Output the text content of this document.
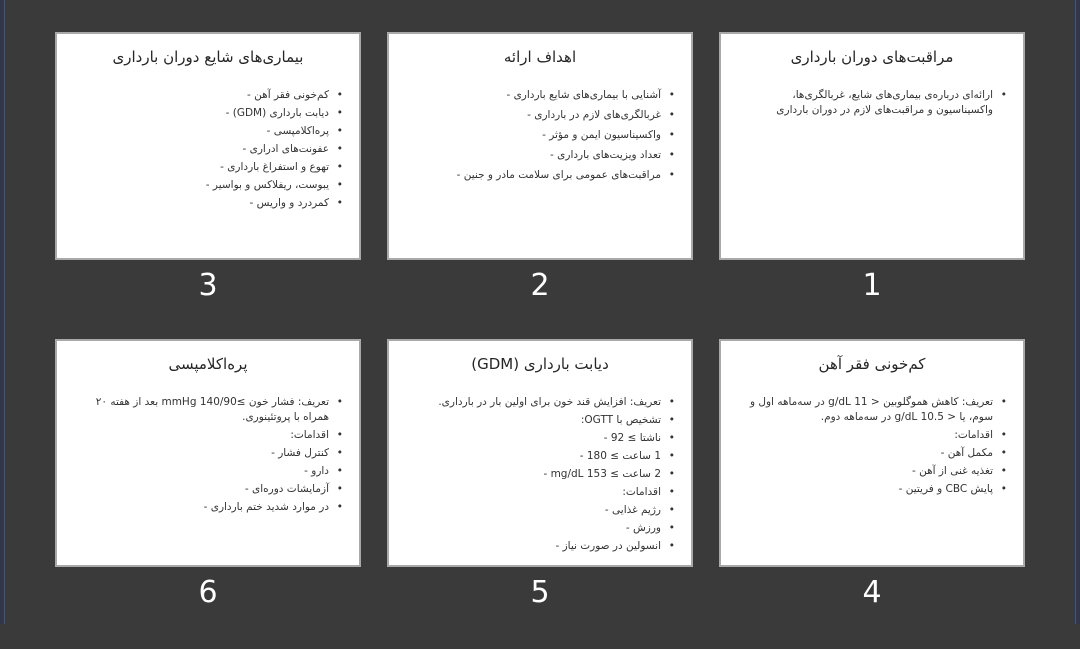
مراقبت‌های دوران بارداری
• ارائه‌ای درباره‌ی بیماری‌های شایع، غربالگری‌ها، واکسیناسیون و مراقبت‌های لازم در دوران بارداری
1
اهداف ارائه
• آشنایی با بیماری‌های شایع بارداری -
• غربالگری‌های لازم در بارداری -
• واکسیناسیون ایمن و مؤثر -
• تعداد ویزیت‌های بارداری -
• مراقبت‌های عمومی برای سلامت مادر و جنین -
2
بیماری‌های شایع دوران بارداری
• کم‌خونی فقر آهن -
• دیابت بارداری (GDM) -
• پره‌اکلامپسی -
• عفونت‌های ادراری -
• تهوع و استفراغ بارداری -
• یبوست، ریفلاکس و بواسیر -
• کمردرد و واریس -
3
کم‌خونی فقر آهن
• تعریف: کاهش هموگلوبین < 11 g/dL در سه‌ماهه اول و سوم، یا < 10.5 g/dL در سه‌ماهه دوم.
• اقدامات:
• مکمل آهن -
• تغذیه غنی از آهن -
• پایش CBC و فریتین -
4
دیابت بارداری (GDM)
• تعریف: افزایش قند خون برای اولین بار در بارداری.
• تشخیص با OGTT:
• ناشتا ≥ 92 -
• 1 ساعت ≥ 180 -
• 2 ساعت ≥ 153 mg/dL -
• اقدامات:
• رژیم غذایی -
• ورزش -
• انسولین در صورت نیاز -
5
پره‌اکلامپسی
• تعریف: فشار خون ≥140/90 mmHg بعد از هفته ۲۰ همراه با پروتئینوری.
• اقدامات:
• کنترل فشار -
• دارو -
• آزمایشات دوره‌ای -
• در موارد شدید ختم بارداری -
6
